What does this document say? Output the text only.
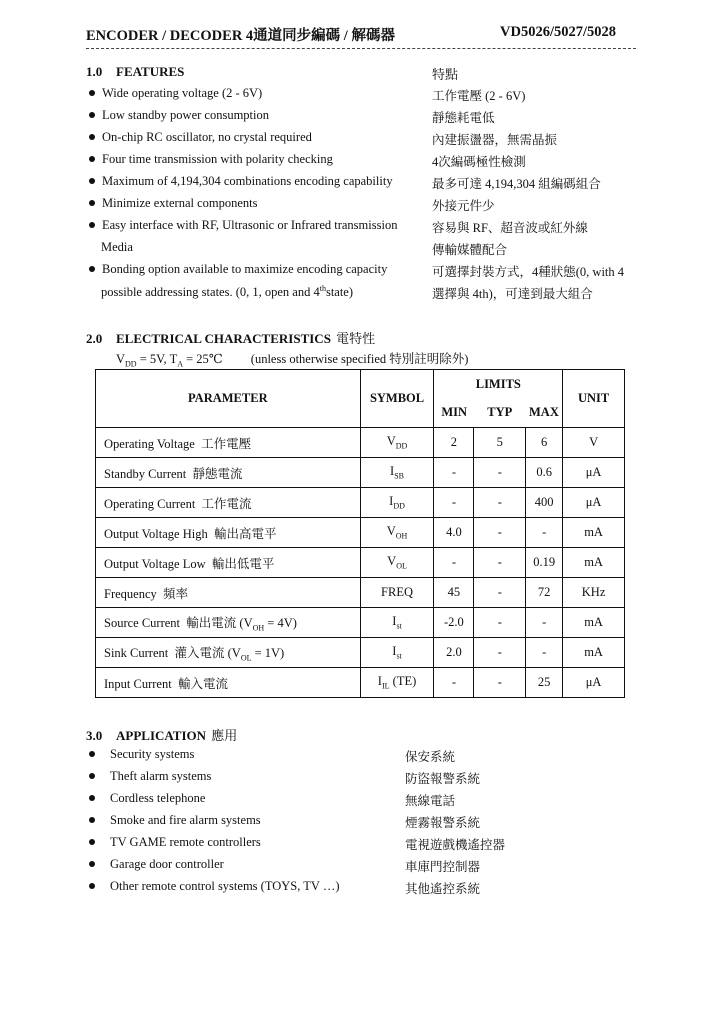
ENCODER / DECODER 4通道同步編碼 / 解碼器	VD5026/5027/5028
1.0 FEATURES	特點
Wide operating voltage (2 - 6V)	工作電壓 (2 - 6V)
Low standby power consumption	靜態耗電低
On-chip RC oscillator, no crystal required	內建振盪器，無需晶振
Four time transmission with polarity checking	4次編碼極性檢測
Maximum of 4,194,304 combinations encoding capability	最多可達 4,194,304 組編碼組合
Minimize external components	外接元件少
Easy interface with RF, Ultrasonic or Infrared transmission	容易與 RF、超音波或紅外線
Media	傳輸媒體配合
Bonding option available to maximize encoding capacity	可選擇封裝方式，4種狀態(0, with 4
possible addressing states. (0, 1, open and 4thstate)	選擇與 4th)，可達到最大組合
2.0 ELECTRICAL CHARACTERISTICS 電特性
$V_{DD} = 5V$, $T_A$ = 25℃ (unless otherwise specified 特別註明除外)
PARAMETER	SYMBOL	LIMITS			UNIT
		MIN	TYP	MAX	
Operating Voltage 工作電壓	$V_{DD}$	2	5	6	V
Standby Current 靜態電流	$I_{SB}$	-	-	0.6	μA
Operating Current 工作電流	$I_{DD}$	-	-	400	μA
Output Voltage High 輸出高電平	$V_{OH}$	4.0	-	-	mA
Output Voltage Low 輸出低電平	$V_{OL}$	-	-	0.19	mA
Frequency 頻率	FREQ	45	-	72	KHz
Source Current 輸出電流 $(V_{OH} = 4V)$	$I_{st}$	-2.0	-	-	mA
Sink Current 灌入電流 $(V_{OL} = 1V)$	$I_{st}$	2.0	-	-	mA
Input Current 輸入電流	$I_{IL}$ (TE)	-	-	25	μA
3.0 APPLICATION 應用
Security systems	保安系統
Theft alarm systems	防盜報警系統
Cordless telephone	無線電話
Smoke and fire alarm systems	煙霧報警系統
TV GAME remote controllers	電視遊戲機遙控器
Garage door controller	車庫門控制器
Other remote control systems (TOYS, TV …)	其他遙控系統
